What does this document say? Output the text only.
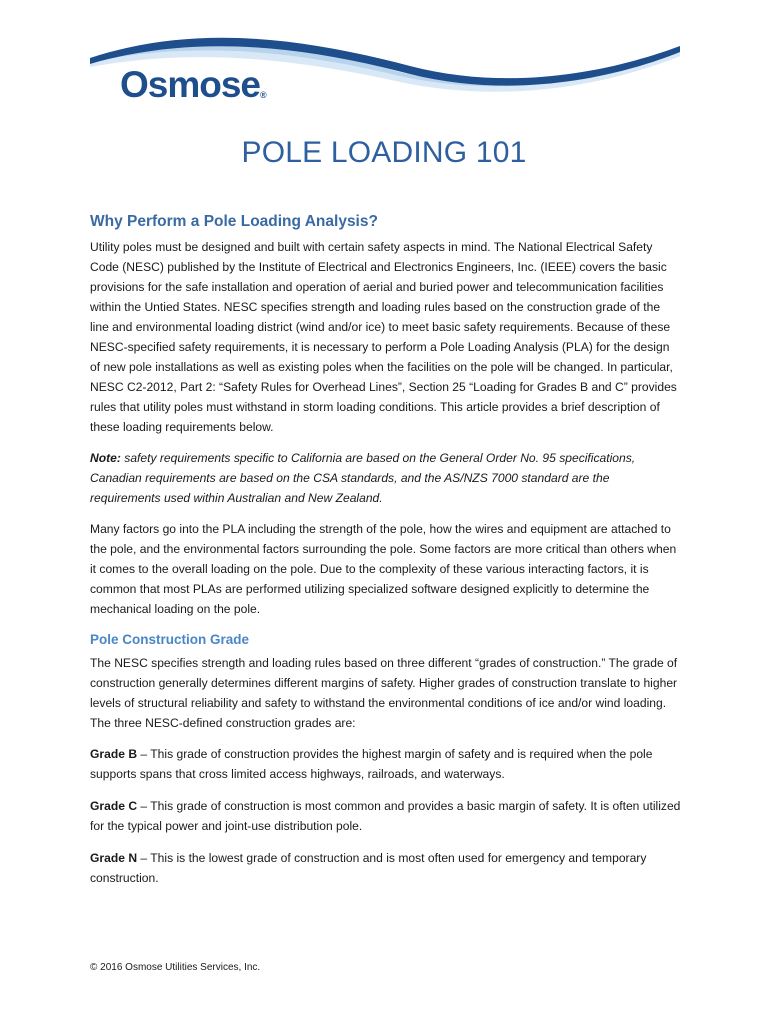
Osmose®
POLE LOADING 101
Why Perform a Pole Loading Analysis?

Utility poles must be designed and built with certain safety aspects in mind. The National Electrical Safety Code (NESC) published by the Institute of Electrical and Electronics Engineers, Inc. (IEEE) covers the basic provisions for the safe installation and operation of aerial and buried power and telecommunication facilities within the Untied States. NESC specifies strength and loading rules based on the construction grade of the line and environmental loading district (wind and/or ice) to meet basic safety requirements. Because of these NESC-specified safety requirements, it is necessary to perform a Pole Loading Analysis (PLA) for the design of new pole installations as well as existing poles when the facilities on the pole will be changed. In particular, NESC C2-2012, Part 2: “Safety Rules for Overhead Lines”, Section 25 “Loading for Grades B and C” provides rules that utility poles must withstand in storm loading conditions. This article provides a brief description of these loading requirements below.

Note: safety requirements specific to California are based on the General Order No. 95 specifications, Canadian requirements are based on the CSA standards, and the AS/NZS 7000 standard are the requirements used within Australian and New Zealand.

Many factors go into the PLA including the strength of the pole, how the wires and equipment are attached to the pole, and the environmental factors surrounding the pole. Some factors are more critical than others when it comes to the overall loading on the pole. Due to the complexity of these various interacting factors, it is common that most PLAs are performed utilizing specialized software designed explicitly to determine the mechanical loading on the pole.

Pole Construction Grade

The NESC specifies strength and loading rules based on three different “grades of construction.” The grade of construction generally determines different margins of safety. Higher grades of construction translate to higher levels of structural reliability and safety to withstand the environmental conditions of ice and/or wind loading. The three NESC-defined construction grades are:

Grade B – This grade of construction provides the highest margin of safety and is required when the pole supports spans that cross limited access highways, railroads, and waterways.

Grade C – This grade of construction is most common and provides a basic margin of safety. It is often utilized for the typical power and joint-use distribution pole.

Grade N – This is the lowest grade of construction and is most often used for emergency and temporary construction.

© 2016 Osmose Utilities Services, Inc.
